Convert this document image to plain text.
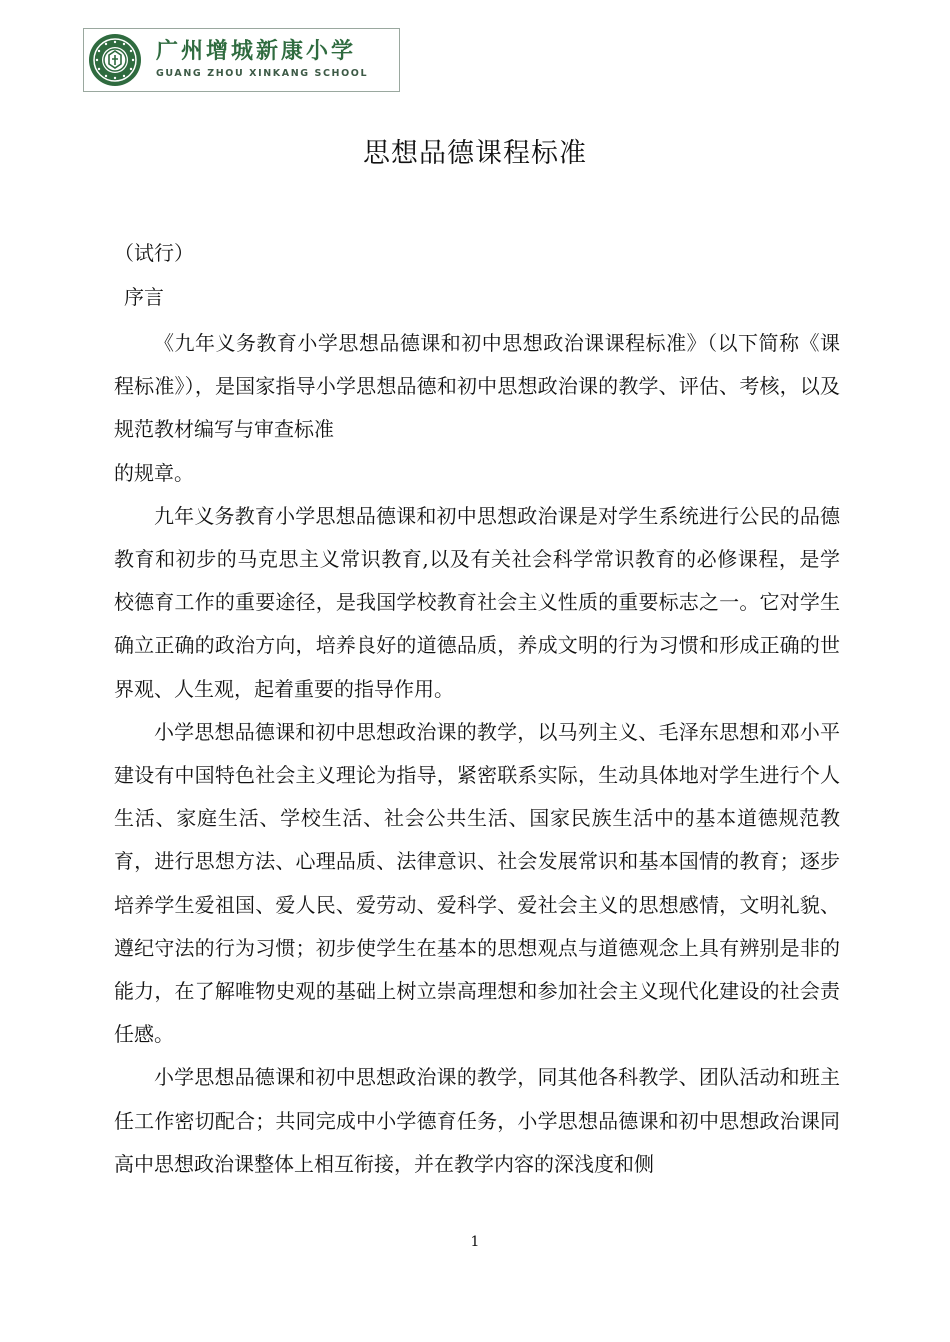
广州增城新康小学
GUANG ZHOU XINKANG SCHOOL
思想品德课程标准
（试行）
序言

《九年义务教育小学思想品德课和初中思想政治课课程标准》（以下简称《课程标准》），是国家指导小学思想品德和初中思想政治课的教学、评估、考核，以及规范教材编写与审查标准

的规章。

九年义务教育小学思想品德课和初中思想政治课是对学生系统进行公民的品德教育和初步的马克思主义常识教育,以及有关社会科学常识教育的必修课程，是学校德育工作的重要途径，是我国学校教育社会主义性质的重要标志之一。它对学生确立正确的政治方向，培养良好的道德品质，养成文明的行为习惯和形成正确的世界观、人生观，起着重要的指导作用。

小学思想品德课和初中思想政治课的教学，以马列主义、毛泽东思想和邓小平建设有中国特色社会主义理论为指导，紧密联系实际，生动具体地对学生进行个人生活、家庭生活、学校生活、社会公共生活、国家民族生活中的基本道德规范教育，进行思想方法、心理品质、法律意识、社会发展常识和基本国情的教育；逐步培养学生爱祖国、爱人民、爱劳动、爱科学、爱社会主义的思想感情，文明礼貌、遵纪守法的行为习惯；初步使学生在基本的思想观点与道德观念上具有辨别是非的能力，在了解唯物史观的基础上树立崇高理想和参加社会主义现代化建设的社会责任感。

小学思想品德课和初中思想政治课的教学，同其他各科教学、团队活动和班主任工作密切配合；共同完成中小学德育任务，小学思想品德课和初中思想政治课同高中思想政治课整体上相互衔接，并在教学内容的深浅度和侧

1
